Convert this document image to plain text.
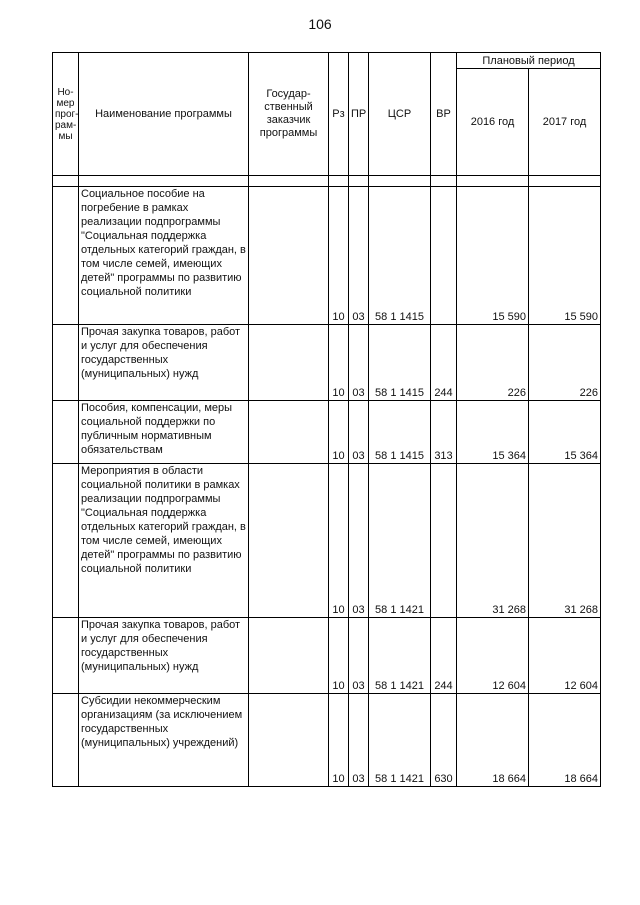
106
Но-мер прог-рам-мы	Наименование программы	Государ-ственный заказчик программы	Рз	ПР	ЦСР	ВР	Плановый период	
							2016 год	2017 год

	Социальное пособие на погребение в рамках реализации подпрограммы "Социальная поддержка отдельных категорий граждан, в том числе семей, имеющих детей" программы по развитию социальной политики		10	03	58 1 1415		15 590	15 590
	Прочая закупка товаров, работ и услуг для обеспечения государственных (муниципальных) нужд		10	03	58 1 1415	244	226	226
	Пособия, компенсации, меры социальной поддержки по публичным нормативным обязательствам		10	03	58 1 1415	313	15 364	15 364
	Мероприятия в области социальной политики в рамках реализации подпрограммы "Социальная поддержка отдельных категорий граждан, в том числе семей, имеющих детей" программы по развитию социальной политики		10	03	58 1 1421		31 268	31 268
	Прочая закупка товаров, работ и услуг для обеспечения государственных (муниципальных) нужд		10	03	58 1 1421	244	12 604	12 604
	Субсидии некоммерческим организациям (за исключением государственных (муниципальных) учреждений)		10	03	58 1 1421	630	18 664	18 664
